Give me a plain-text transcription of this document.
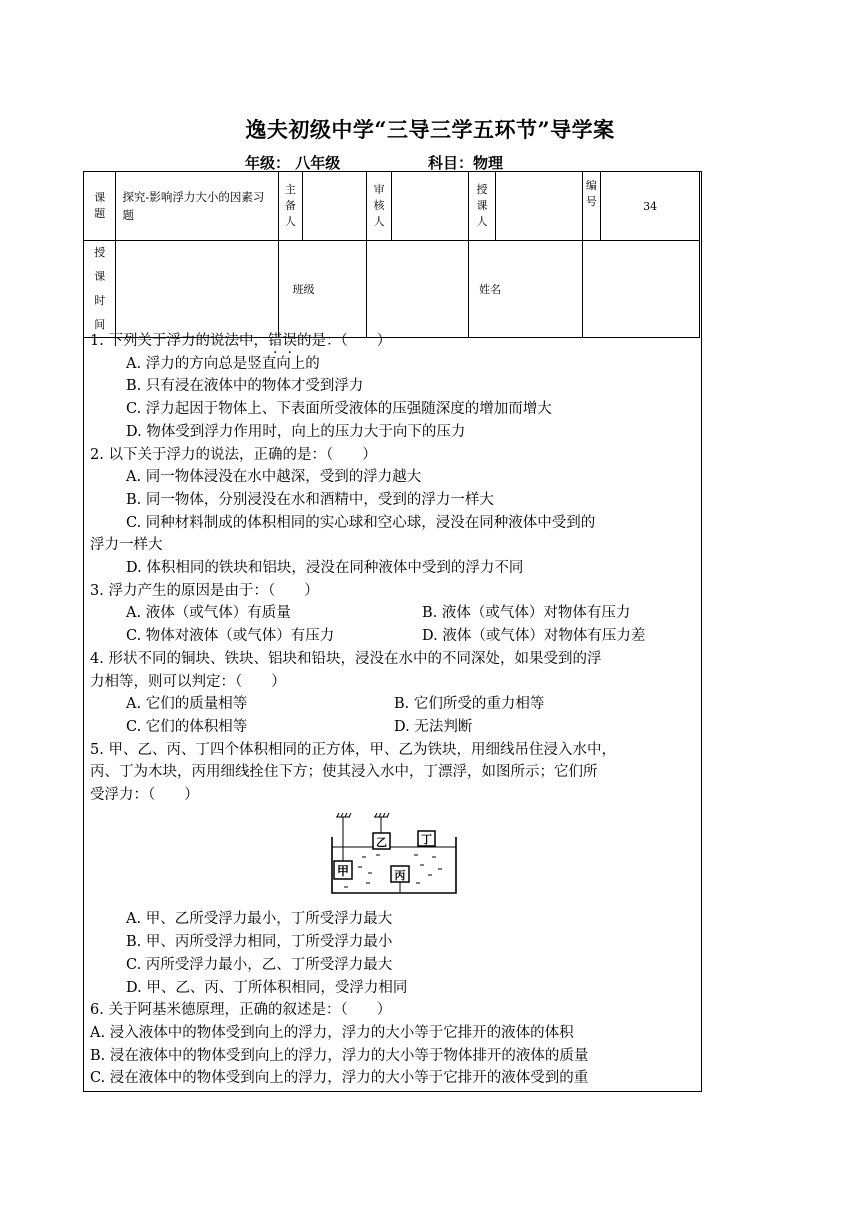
逸夫初级中学“三导三学五环节”导学案
年级： 八年级	科目：物理
课题	探究-影响浮力大小的因素习题	主备人		审核人		授课人		编号	34
授课时间		班级				姓名			

1. 下列关于浮力的说法中，错误的是：（　　）

A. 浮力的方向总是竖直向上的

B. 只有浸在液体中的物体才受到浮力

C. 浮力起因于物体上、下表面所受液体的压强随深度的增加而增大

D. 物体受到浮力作用时，向上的压力大于向下的压力

2. 以下关于浮力的说法，正确的是：（　　）

A. 同一物体浸没在水中越深，受到的浮力越大

B. 同一物体，分别浸没在水和酒精中，受到的浮力一样大

C. 同种材料制成的体积相同的实心球和空心球，浸没在同种液体中受到的

浮力一样大

D. 体积相同的铁块和铝块，浸没在同种液体中受到的浮力不同

3. 浮力产生的原因是由于：（　　）

A. 液体（或气体）有质量	B. 液体（或气体）对物体有压力

C. 物体对液体（或气体）有压力	D. 液体（或气体）对物体有压力差

4. 形状不同的铜块、铁块、铝块和铅块，浸没在水中的不同深处，如果受到的浮

力相等，则可以判定：（　　）

A. 它们的质量相等	B. 它们所受的重力相等

C. 它们的体积相等	D. 无法判断

5. 甲、乙、丙、丁四个体积相同的正方体，甲、乙为铁块，用细线吊住浸入水中，

丙、丁为木块，丙用细线拴住下方；使其浸入水中，丁漂浮，如图所示；它们所

受浮力：（　　）

甲
乙
丙
丁

A. 甲、乙所受浮力最小，丁所受浮力最大

B. 甲、丙所受浮力相同，丁所受浮力最小

C. 丙所受浮力最小，乙、丁所受浮力最大

D. 甲、乙、丙、丁所体积相同，受浮力相同

6. 关于阿基米德原理，正确的叙述是：（　　）

A. 浸入液体中的物体受到向上的浮力，浮力的大小等于它排开的液体的体积

B. 浸在液体中的物体受到向上的浮力，浮力的大小等于物体排开的液体的质量

C. 浸在液体中的物体受到向上的浮力，浮力的大小等于它排开的液体受到的重
